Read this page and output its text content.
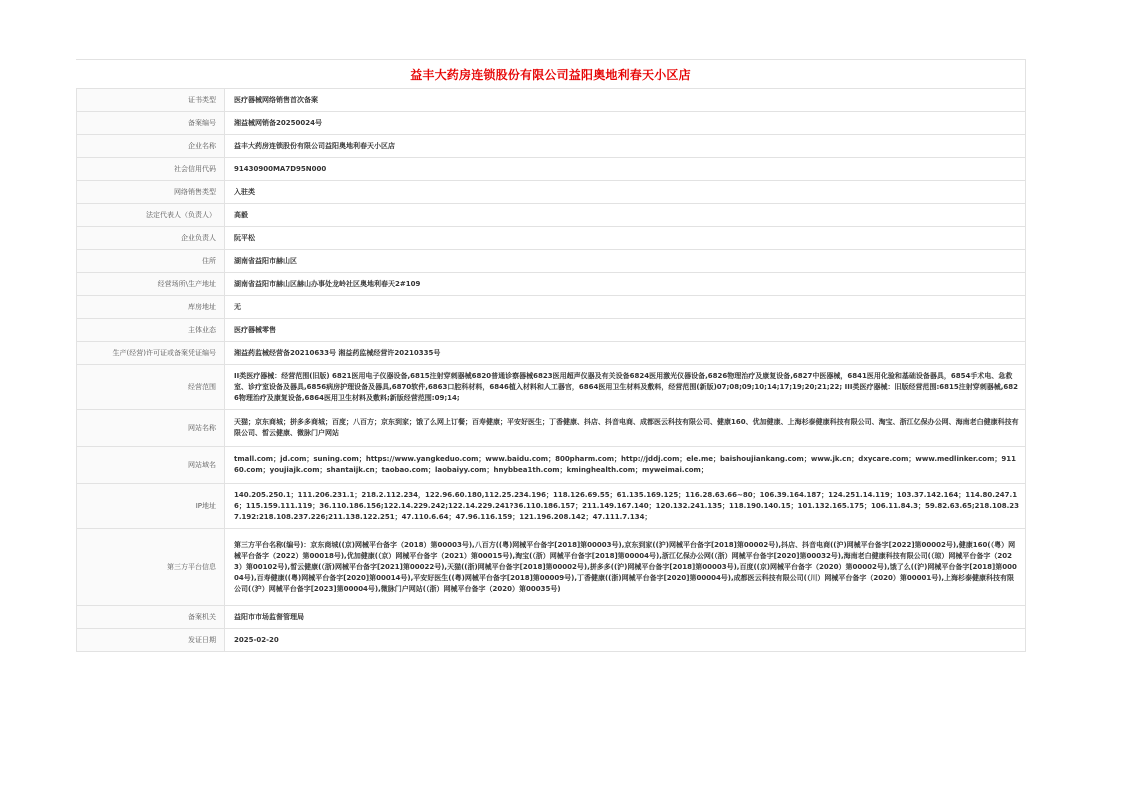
益丰大药房连锁股份有限公司益阳奥地利春天小区店
证书类型	医疗器械网络销售首次备案
备案编号	湘益械网销备20250024号
企业名称	益丰大药房连锁股份有限公司益阳奥地利春天小区店
社会信用代码	91430900MA7D95N000
网络销售类型	入驻类
法定代表人（负责人）	高毅
企业负责人	阮平松
住所	湖南省益阳市赫山区
经营场所\生产地址	湖南省益阳市赫山区赫山办事处龙岭社区奥地利春天2#109
库房地址	无
主体业态	医疗器械零售
生产(经营)许可证或备案凭证编号	湘益药监械经营备20210633号 湘益药监械经营许20210335号
经营范围	II类医疗器械：经营范围(旧版) 6821医用电子仪器设备,6815注射穿刺器械6820普通诊察器械6823医用超声仪器及有关设备6824医用激光仪器设备,6826物理治疗及康复设备,6827中医器械，6841医用化验和基础设备器具，6854手术电、急救室、诊疗室设备及器具,6856病房护理设备及器具,6870软件,6863口腔科材料，6846植入材料和人工器官，6864医用卫生材料及敷料，经营范围(新版)07;08;09;10;14;17;19;20;21;22; III类医疗器械：旧版经营范围:6815注射穿刺器械,6826物理治疗及康复设备,6864医用卫生材料及敷料;新版经营范围:09;14;
网站名称	天猫；京东商城；拼多多商城；百度；八百方；京东到家；饿了么网上订餐；百寿健康；平安好医生；丁香健康、抖店、抖音电商、成都医云科技有限公司、健康160、优加健康、上海杉泰健康科技有限公司、淘宝、浙江亿保办公网、海南老白健康科技有限公司、皙云健康、微脉门户网站
网站域名	tmall.com；jd.com；suning.com；https://www.yangkeduo.com；www.baidu.com；800pharm.com；http://jddj.com；ele.me；baishoujiankang.com；www.jk.cn；dxycare.com；www.medlinker.com；91160.com；youjiajk.com；shantaijk.cn；taobao.com；laobaiyy.com；hnybbea1th.com；kminghealth.com；myweimai.com；
IP地址	140.205.250.1；111.206.231.1；218.2.112.234，122.96.60.180,112.25.234.196；118.126.69.55；61.135.169.125；116.28.63.66~80；106.39.164.187；124.251.14.119；103.37.142.164；114.80.247.16；115.159.111.119；36.110.186.156;122.14.229.242;122.14.229.241?36.110.186.157；211.149.167.140；120.132.241.135；118.190.140.15；101.132.165.175；106.11.84.3；59.82.63.65;218.108.237.192:218.108.237.226;211.138.122.251；47.110.6.64；47.96.116.159；121.196.208.142；47.111.7.134；
第三方平台信息	第三方平台名称(编号)：京东商城((京)网械平台备字（2018）第00003号),八百方((粤)网械平台备字[2018]第00003号),京东到家((沪)网械平台备字[2018]第00002号),抖店、抖音电商((沪)网械平台备字[2022]第00002号),健康160(（粤）网械平台备字（2022）第00018号),优加健康(（京）网械平台备字（2021）第00015号),淘宝(（浙）网械平台备字[2018]第00004号),浙江亿保办公网(（浙）网械平台备字[2020]第00032号),海南老白健康科技有限公司(（琼）网械平台备字（2023）第00102号),皙云健康(（浙)网械平台备字[2021]第00022号),天猫((浙)网械平台备字[2018]第00002号),拼多多((沪)网械平台备字[2018]第00003号),百度((京)网械平台备字（2020）第00002号),饿了么((沪)网械平台备字[2018]第00004号),百寿健康((粤)网械平台备字[2020]第00014号),平安好医生((粤)网械平台备字[2018]第00009号),丁香健康((浙)网械平台备字[2020]第00004号),成都医云科技有限公司(（川）网械平台备字（2020）第00001号),上海杉泰健康科技有限公司(（沪）网械平台备字[2023]第00004号),微脉门户网站(（浙）网械平台备字（2020）第00035号)
备案机关	益阳市市场监督管理局
发证日期	2025-02-20
